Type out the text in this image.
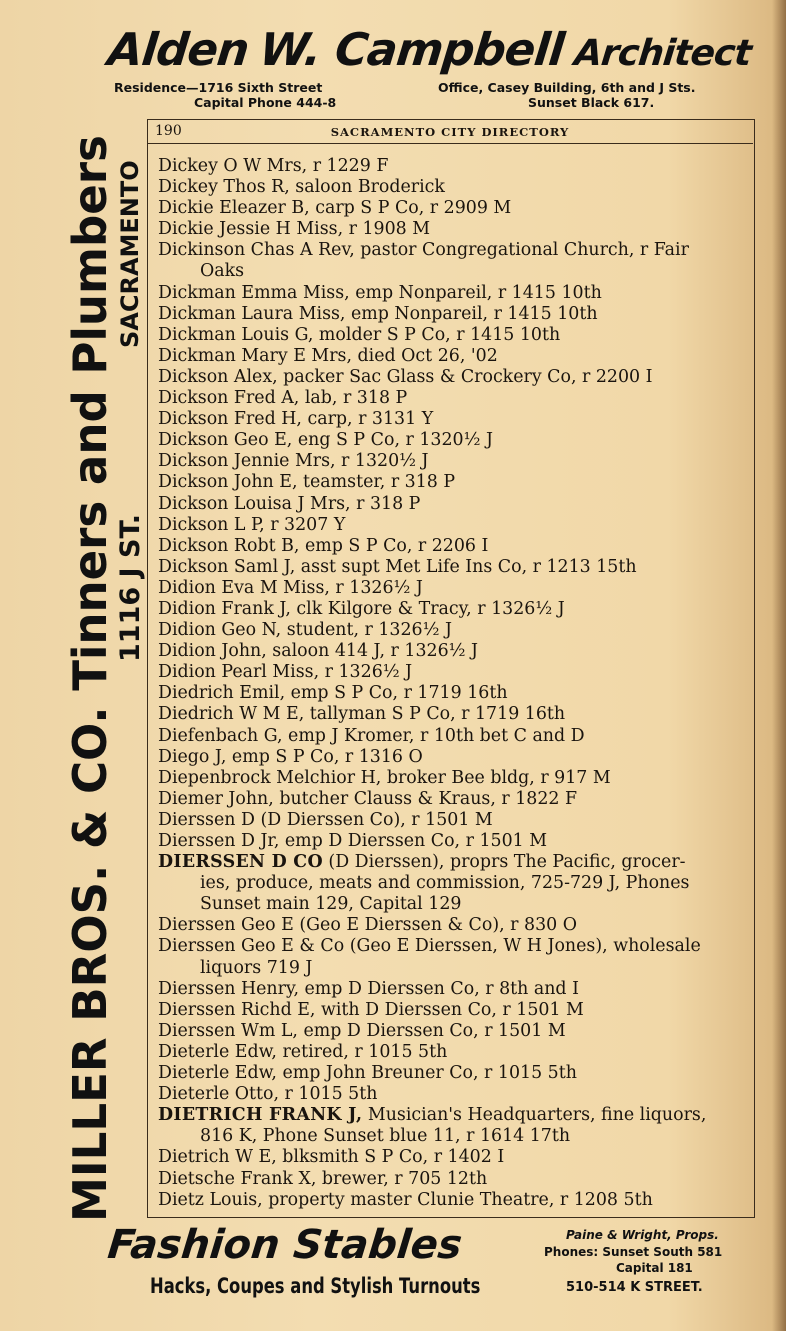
Alden W. Campbell Architect
Residence—1716 Sixth Street
Capital Phone 444-8
Office, Casey Building, 6th and J Sts.
Sunset Black 617.
MILLER BROS. & CO. Tinners and Plumbers
1116 J ST.
SACRAMENTO
190	SACRAMENTO CITY DIRECTORY
Dickey O W Mrs, r 1229 F
Dickey Thos R, saloon Broderick
Dickie Eleazer B, carp S P Co, r 2909 M
Dickie Jessie H Miss, r 1908 M
Dickinson Chas A Rev, pastor Congregational Church, r Fair
Oaks
Dickman Emma Miss, emp Nonpareil, r 1415 10th
Dickman Laura Miss, emp Nonpareil, r 1415 10th
Dickman Louis G, molder S P Co, r 1415 10th
Dickman Mary E Mrs, died Oct 26, '02
Dickson Alex, packer Sac Glass & Crockery Co, r 2200 I
Dickson Fred A, lab, r 318 P
Dickson Fred H, carp, r 3131 Y
Dickson Geo E, eng S P Co, r 1320½ J
Dickson Jennie Mrs, r 1320½ J
Dickson John E, teamster, r 318 P
Dickson Louisa J Mrs, r 318 P
Dickson L P, r 3207 Y
Dickson Robt B, emp S P Co, r 2206 I
Dickson Saml J, asst supt Met Life Ins Co, r 1213 15th
Didion Eva M Miss, r 1326½ J
Didion Frank J, clk Kilgore & Tracy, r 1326½ J
Didion Geo N, student, r 1326½ J
Didion John, saloon 414 J, r 1326½ J
Didion Pearl Miss, r 1326½ J
Diedrich Emil, emp S P Co, r 1719 16th
Diedrich W M E, tallyman S P Co, r 1719 16th
Diefenbach G, emp J Kromer, r 10th bet C and D
Diego J, emp S P Co, r 1316 O
Diepenbrock Melchior H, broker Bee bldg, r 917 M
Diemer John, butcher Clauss & Kraus, r 1822 F
Dierssen D (D Dierssen Co), r 1501 M
Dierssen D Jr, emp D Dierssen Co, r 1501 M
DIERSSEN D CO (D Dierssen), proprs The Pacific, grocer-
ies, produce, meats and commission, 725-729 J, Phones
Sunset main 129, Capital 129
Dierssen Geo E (Geo E Dierssen & Co), r 830 O
Dierssen Geo E & Co (Geo E Dierssen, W H Jones), wholesale
liquors 719 J
Dierssen Henry, emp D Dierssen Co, r 8th and I
Dierssen Richd E, with D Dierssen Co, r 1501 M
Dierssen Wm L, emp D Dierssen Co, r 1501 M
Dieterle Edw, retired, r 1015 5th
Dieterle Edw, emp John Breuner Co, r 1015 5th
Dieterle Otto, r 1015 5th
DIETRICH FRANK J, Musician's Headquarters, fine liquors,
816 K, Phone Sunset blue 11, r 1614 17th
Dietrich W E, blksmith S P Co, r 1402 I
Dietsche Frank X, brewer, r 705 12th
Dietz Louis, property master Clunie Theatre, r 1208 5th
Fashion Stables
Hacks, Coupes and Stylish Turnouts
Paine & Wright, Props.
Phones: Sunset South 581
Capital 181
510-514 K STREET.
